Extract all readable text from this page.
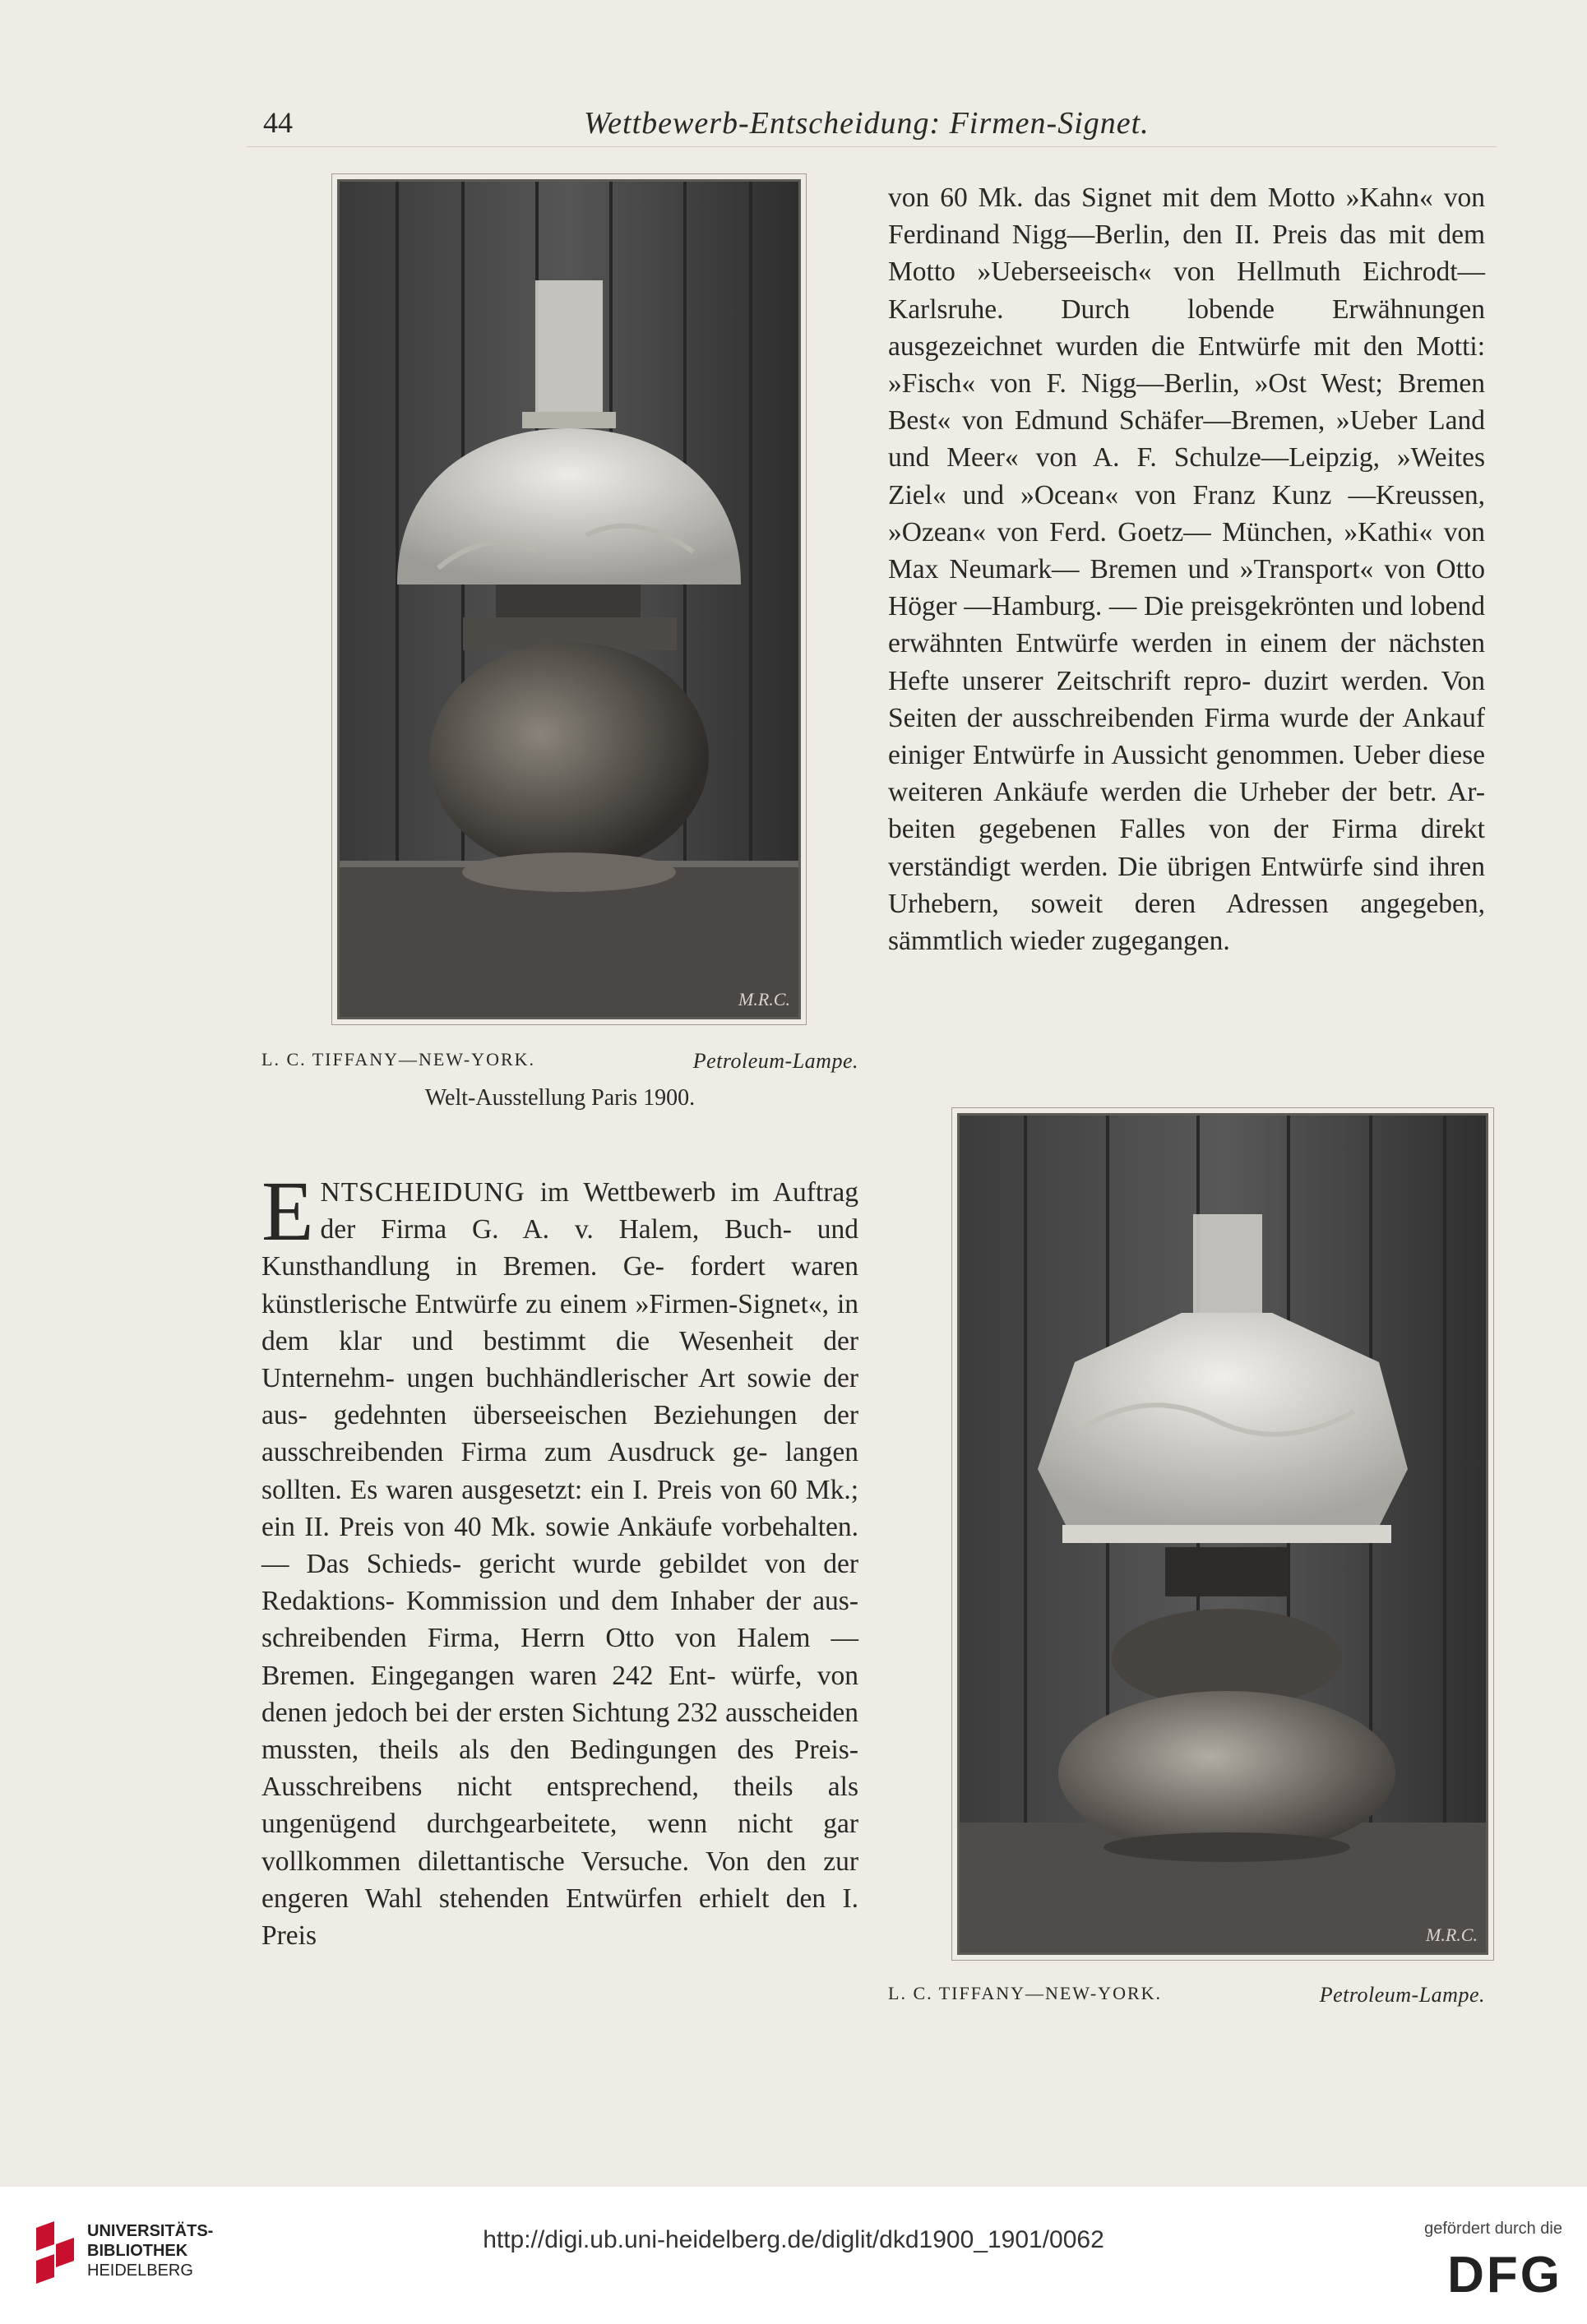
44	Wettbewerb-Entscheidung: Firmen-Signet.
M.R.C.
L. C. TIFFANY—NEW-YORK.	Petroleum-Lampe.
Welt-Ausstellung Paris 1900.

von 60 Mk. das Signet mit dem Motto »Kahn« von Ferdinand Nigg—Berlin, den II. Preis das mit dem Motto »Ueberseeisch« von Hellmuth Eichrodt—Karlsruhe. Durch lobende Erwähnungen ausgezeichnet wurden die Entwürfe mit den Motti: »Fisch« von F. Nigg—Berlin, »Ost West; Bremen Best« von Edmund Schäfer—Bremen, »Ueber Land und Meer« von A. F. Schulze—Leipzig, »Weites Ziel« und »Ocean« von Franz Kunz —Kreussen, »Ozean« von Ferd. Goetz— München, »Kathi« von Max Neumark— Bremen und »Transport« von Otto Höger —Hamburg. — Die preisgekrönten und lobend erwähnten Entwürfe werden in einem der nächsten Hefte unserer Zeitschrift repro- duzirt werden. Von Seiten der ausschreibenden Firma wurde der Ankauf einiger Entwürfe in Aussicht genommen. Ueber diese weiteren Ankäufe werden die Urheber der betr. Ar- beiten gegebenen Falles von der Firma direkt verständigt werden. Die übrigen Entwürfe sind ihren Urhebern, soweit deren Adressen angegeben, sämmtlich wieder zugegangen.

ENTSCHEIDUNG im Wettbewerb im Auftrag der Firma G. A. v. Halem, Buch- und Kunsthandlung in Bremen. Ge- fordert waren künstlerische Entwürfe zu einem »Firmen-Signet«, in dem klar und bestimmt die Wesenheit der Unternehm- ungen buchhändlerischer Art sowie der aus- gedehnten überseeischen Beziehungen der ausschreibenden Firma zum Ausdruck ge- langen sollten. Es waren ausgesetzt: ein I. Preis von 60 Mk.; ein II. Preis von 40 Mk. sowie Ankäufe vorbehalten. — Das Schieds- gericht wurde gebildet von der Redaktions- Kommission und dem Inhaber der aus- schreibenden Firma, Herrn Otto von Halem —Bremen. Eingegangen waren 242 Ent- würfe, von denen jedoch bei der ersten Sichtung 232 ausscheiden mussten, theils als den Bedingungen des Preis-Ausschreibens nicht entsprechend, theils als ungenügend durchgearbeitete, wenn nicht gar vollkommen dilettantische Versuche. Von den zur engeren Wahl stehenden Entwürfen erhielt den I. Preis	M.R.C.
L. C. TIFFANY—NEW-YORK.	Petroleum-Lampe.
UNIVERSITÄTS-
BIBLIOTHEK
HEIDELBERG
http://digi.ub.uni-heidelberg.de/diglit/dkd1900_1901/0062	gefördert durch die
DFG
